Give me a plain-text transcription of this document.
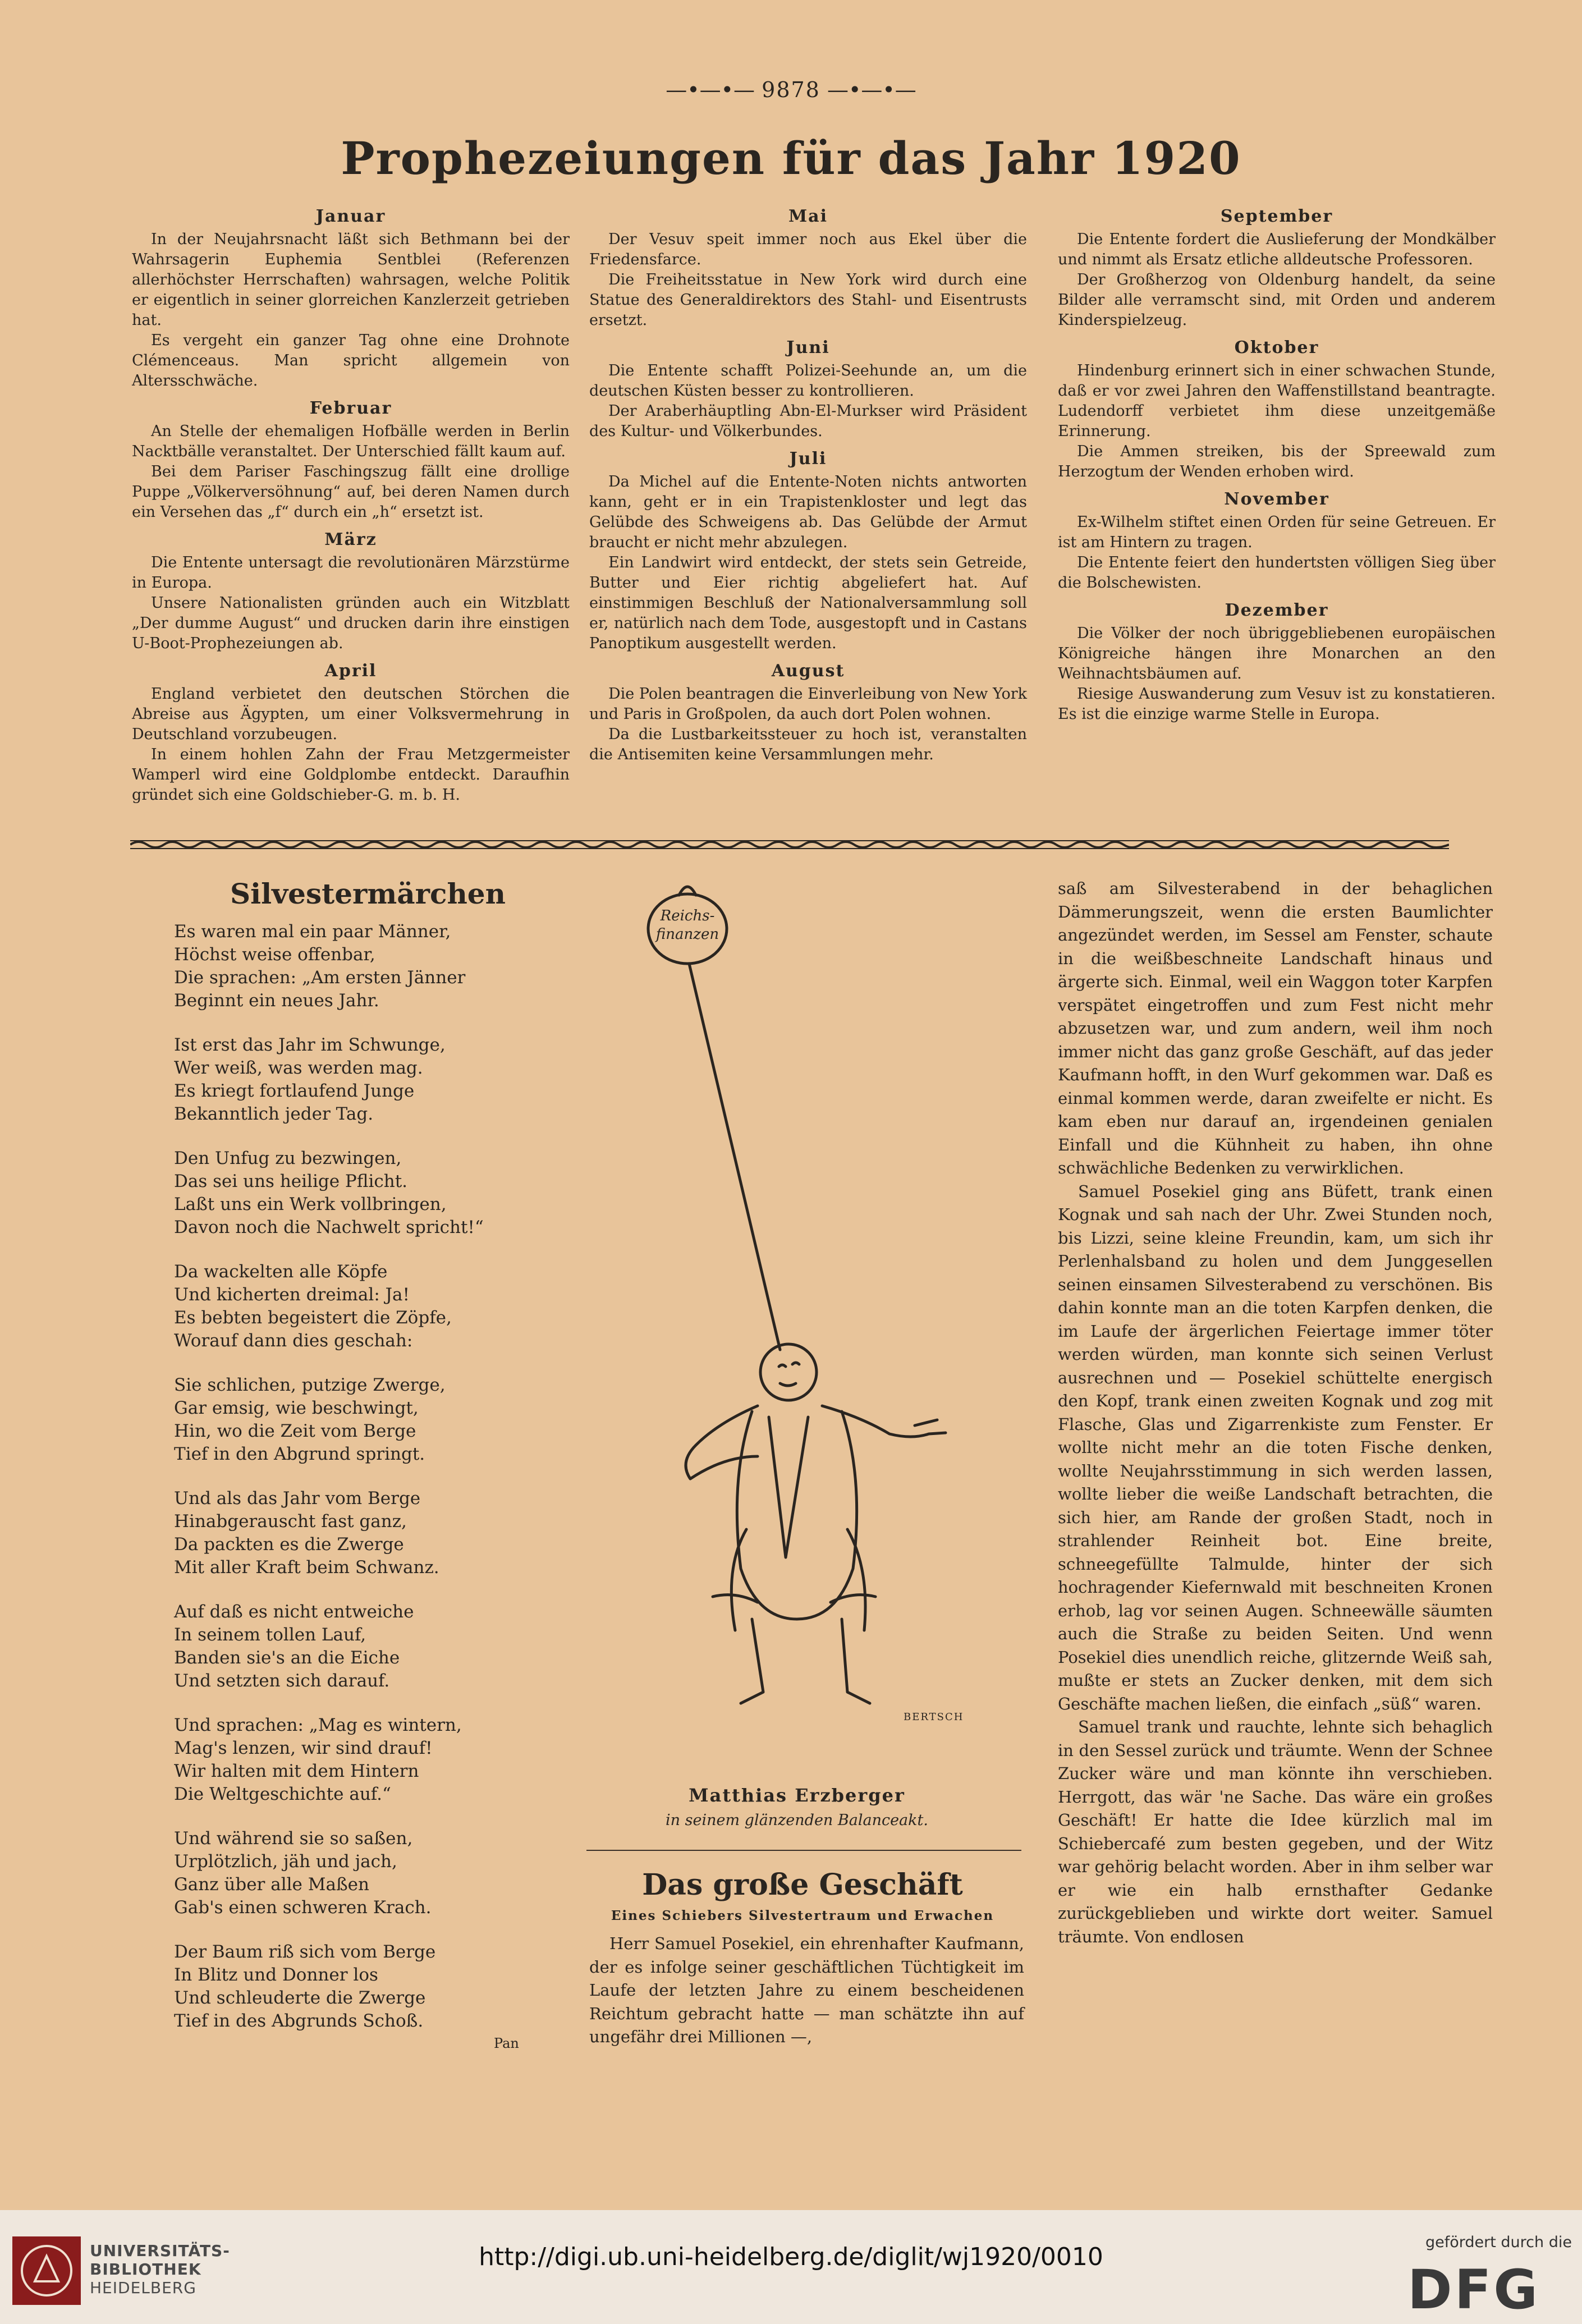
—•—•— 9878 —•—•—
Prophezeiungen für das Jahr 1920
Januar

In der Neujahrsnacht läßt sich Bethmann bei der Wahrsagerin Euphemia Sentblei (Referenzen allerhöchster Herrschaften) wahrsagen, welche Politik er eigentlich in seiner glorreichen Kanzlerzeit getrieben hat.

Es vergeht ein ganzer Tag ohne eine Drohnote Clémenceaus. Man spricht allgemein von Altersschwäche.

Februar

An Stelle der ehemaligen Hofbälle werden in Berlin Nacktbälle veranstaltet. Der Unterschied fällt kaum auf.

Bei dem Pariser Faschingszug fällt eine drollige Puppe „Völkerversöhnung“ auf, bei deren Namen durch ein Versehen das „f“ durch ein „h“ ersetzt ist.

März

Die Entente untersagt die revolutionären Märzstürme in Europa.

Unsere Nationalisten gründen auch ein Witzblatt „Der dumme August“ und drucken darin ihre einstigen U-Boot-Prophezeiungen ab.

April

England verbietet den deutschen Störchen die Abreise aus Ägypten, um einer Volksvermehrung in Deutschland vorzubeugen.

In einem hohlen Zahn der Frau Metzgermeister Wamperl wird eine Goldplombe entdeckt. Daraufhin gründet sich eine Goldschieber-G. m. b. H.

Mai

Der Vesuv speit immer noch aus Ekel über die Friedensfarce.

Die Freiheitsstatue in New York wird durch eine Statue des Generaldirektors des Stahl- und Eisentrusts ersetzt.

Juni

Die Entente schafft Polizei-Seehunde an, um die deutschen Küsten besser zu kontrollieren.

Der Araberhäuptling Abn-El-Murkser wird Präsident des Kultur- und Völkerbundes.

Juli

Da Michel auf die Entente-Noten nichts antworten kann, geht er in ein Trapistenkloster und legt das Gelübde des Schweigens ab. Das Gelübde der Armut braucht er nicht mehr abzulegen.

Ein Landwirt wird entdeckt, der stets sein Getreide, Butter und Eier richtig abgeliefert hat. Auf einstimmigen Beschluß der Nationalversammlung soll er, natürlich nach dem Tode, ausgestopft und in Castans Panoptikum ausgestellt werden.

August

Die Polen beantragen die Einverleibung von New York und Paris in Großpolen, da auch dort Polen wohnen.

Da die Lustbarkeitssteuer zu hoch ist, veranstalten die Antisemiten keine Versammlungen mehr.

September

Die Entente fordert die Auslieferung der Mondkälber und nimmt als Ersatz etliche alldeutsche Professoren.

Der Großherzog von Oldenburg handelt, da seine Bilder alle verramscht sind, mit Orden und anderem Kinderspielzeug.

Oktober

Hindenburg erinnert sich in einer schwachen Stunde, daß er vor zwei Jahren den Waffenstillstand beantragte. Ludendorff verbietet ihm diese unzeitgemäße Erinnerung.

Die Ammen streiken, bis der Spreewald zum Herzogtum der Wenden erhoben wird.

November

Ex-Wilhelm stiftet einen Orden für seine Getreuen. Er ist am Hintern zu tragen.

Die Entente feiert den hundertsten völligen Sieg über die Bolschewisten.

Dezember

Die Völker der noch übriggebliebenen europäischen Königreiche hängen ihre Monarchen an den Weihnachtsbäumen auf.

Riesige Auswanderung zum Vesuv ist zu konstatieren. Es ist die einzige warme Stelle in Europa.

Silvestermärchen
Es waren mal ein paar Männer,
Höchst weise offenbar,
Die sprachen: „Am ersten Jänner
Beginnt ein neues Jahr.
Ist erst das Jahr im Schwunge,
Wer weiß, was werden mag.
Es kriegt fortlaufend Junge
Bekanntlich jeder Tag.
Den Unfug zu bezwingen,
Das sei uns heilige Pflicht.
Laßt uns ein Werk vollbringen,
Davon noch die Nachwelt spricht!“
Da wackelten alle Köpfe
Und kicherten dreimal: Ja!
Es bebten begeistert die Zöpfe,
Worauf dann dies geschah:
Sie schlichen, putzige Zwerge,
Gar emsig, wie beschwingt,
Hin, wo die Zeit vom Berge
Tief in den Abgrund springt.
Und als das Jahr vom Berge
Hinabgerauscht fast ganz,
Da packten es die Zwerge
Mit aller Kraft beim Schwanz.
Auf daß es nicht entweiche
In seinem tollen Lauf,
Banden sie's an die Eiche
Und setzten sich darauf.
Und sprachen: „Mag es wintern,
Mag's lenzen, wir sind drauf!
Wir halten mit dem Hintern
Die Weltgeschichte auf.“
Und während sie so saßen,
Urplötzlich, jäh und jach,
Ganz über alle Maßen
Gab's einen schweren Krach.
Der Baum riß sich vom Berge
In Blitz und Donner los
Und schleuderte die Zwerge
Tief in des Abgrunds Schoß.
Pan
Reichs-
finanzen
BERTSCH
Matthias Erzberger
in seinem glänzenden Balanceakt.
Das große Geschäft
Eines Schiebers Silvestertraum und Erwachen

Herr Samuel Posekiel, ein ehrenhafter Kaufmann, der es infolge seiner geschäftlichen Tüchtigkeit im Laufe der letzten Jahre zu einem bescheidenen Reichtum gebracht hatte — man schätzte ihn auf ungefähr drei Millionen —,

saß am Silvesterabend in der behaglichen Dämmerungszeit, wenn die ersten Baumlichter angezündet werden, im Sessel am Fenster, schaute in die weißbeschneite Landschaft hinaus und ärgerte sich. Einmal, weil ein Waggon toter Karpfen verspätet eingetroffen und zum Fest nicht mehr abzusetzen war, und zum andern, weil ihm noch immer nicht das ganz große Geschäft, auf das jeder Kaufmann hofft, in den Wurf gekommen war. Daß es einmal kommen werde, daran zweifelte er nicht. Es kam eben nur darauf an, irgendeinen genialen Einfall und die Kühnheit zu haben, ihn ohne schwächliche Bedenken zu verwirklichen.

Samuel Posekiel ging ans Büfett, trank einen Kognak und sah nach der Uhr. Zwei Stunden noch, bis Lizzi, seine kleine Freundin, kam, um sich ihr Perlenhalsband zu holen und dem Junggesellen seinen einsamen Silvesterabend zu verschönen. Bis dahin konnte man an die toten Karpfen denken, die im Laufe der ärgerlichen Feiertage immer töter werden würden, man konnte sich seinen Verlust ausrechnen und — Posekiel schüttelte energisch den Kopf, trank einen zweiten Kognak und zog mit Flasche, Glas und Zigarrenkiste zum Fenster. Er wollte nicht mehr an die toten Fische denken, wollte Neujahrsstimmung in sich werden lassen, wollte lieber die weiße Landschaft betrachten, die sich hier, am Rande der großen Stadt, noch in strahlender Reinheit bot. Eine breite, schneegefüllte Talmulde, hinter der sich hochragender Kiefernwald mit beschneiten Kronen erhob, lag vor seinen Augen. Schneewälle säumten auch die Straße zu beiden Seiten. Und wenn Posekiel dies unendlich reiche, glitzernde Weiß sah, mußte er stets an Zucker denken, mit dem sich Geschäfte machen ließen, die einfach „süß“ waren.

Samuel trank und rauchte, lehnte sich behaglich in den Sessel zurück und träumte. Wenn der Schnee Zucker wäre und man könnte ihn verschieben. Herrgott, das wär 'ne Sache. Das wäre ein großes Geschäft! Er hatte die Idee kürzlich mal im Schiebercafé zum besten gegeben, und der Witz war gehörig belacht worden. Aber in ihm selber war er wie ein halb ernsthafter Gedanke zurückgeblieben und wirkte dort weiter. Samuel träumte. Von endlosen

UNIVERSITÄTS-
BIBLIOTHEK
HEIDELBERG
http://digi.ub.uni-heidelberg.de/diglit/wj1920/0010
gefördert durch die
DFG
